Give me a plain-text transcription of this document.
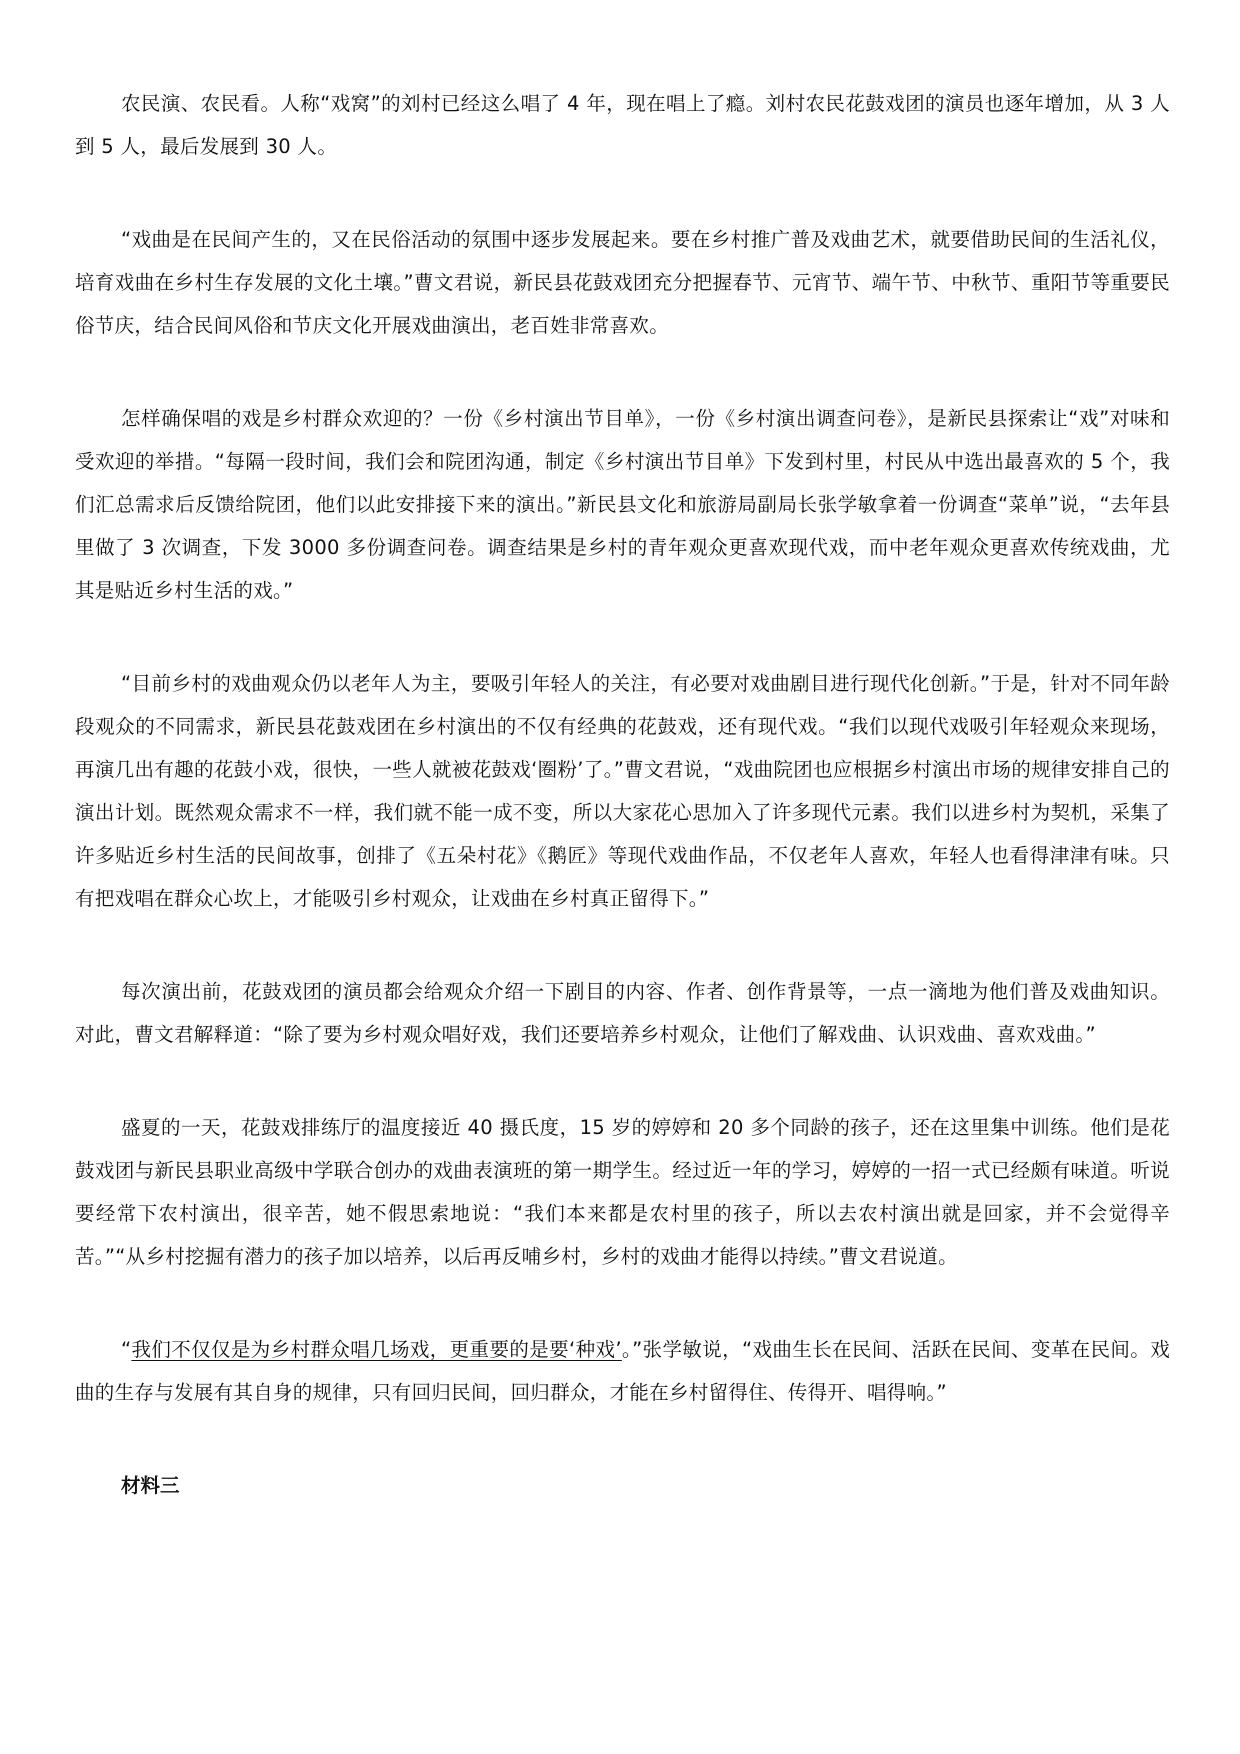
农民演、农民看。人称“戏窝”的刘村已经这么唱了 4 年，现在唱上了瘾。刘村农民花鼓戏团的演员也逐年增加，从 3 人到 5 人，最后发展到 30 人。

“戏曲是在民间产生的，又在民俗活动的氛围中逐步发展起来。要在乡村推广普及戏曲艺术，就要借助民间的生活礼仪，培育戏曲在乡村生存发展的文化土壤。”曹文君说，新民县花鼓戏团充分把握春节、元宵节、端午节、中秋节、重阳节等重要民俗节庆，结合民间风俗和节庆文化开展戏曲演出，老百姓非常喜欢。

怎样确保唱的戏是乡村群众欢迎的？一份《乡村演出节目单》，一份《乡村演出调查问卷》，是新民县探索让“戏”对味和受欢迎的举措。“每隔一段时间，我们会和院团沟通，制定《乡村演出节目单》下发到村里，村民从中选出最喜欢的 5 个，我们汇总需求后反馈给院团，他们以此安排接下来的演出。”新民县文化和旅游局副局长张学敏拿着一份调查“菜单”说，“去年县里做了 3 次调查，下发 3000 多份调查问卷。调查结果是乡村的青年观众更喜欢现代戏，而中老年观众更喜欢传统戏曲，尤其是贴近乡村生活的戏。”

“目前乡村的戏曲观众仍以老年人为主，要吸引年轻人的关注，有必要对戏曲剧目进行现代化创新。”于是，针对不同年龄段观众的不同需求，新民县花鼓戏团在乡村演出的不仅有经典的花鼓戏，还有现代戏。“我们以现代戏吸引年轻观众来现场，再演几出有趣的花鼓小戏，很快，一些人就被花鼓戏‘圈粉’了。”曹文君说，“戏曲院团也应根据乡村演出市场的规律安排自己的演出计划。既然观众需求不一样，我们就不能一成不变，所以大家花心思加入了许多现代元素。我们以进乡村为契机，采集了许多贴近乡村生活的民间故事，创排了《五朵村花》《鹅匠》等现代戏曲作品，不仅老年人喜欢，年轻人也看得津津有味。只有把戏唱在群众心坎上，才能吸引乡村观众，让戏曲在乡村真正留得下。”

每次演出前，花鼓戏团的演员都会给观众介绍一下剧目的内容、作者、创作背景等，一点一滴地为他们普及戏曲知识。对此，曹文君解释道：“除了要为乡村观众唱好戏，我们还要培养乡村观众，让他们了解戏曲、认识戏曲、喜欢戏曲。”

盛夏的一天，花鼓戏排练厅的温度接近 40 摄氏度，15 岁的婷婷和 20 多个同龄的孩子，还在这里集中训练。他们是花鼓戏团与新民县职业高级中学联合创办的戏曲表演班的第一期学生。经过近一年的学习，婷婷的一招一式已经颇有味道。听说要经常下农村演出，很辛苦，她不假思索地说：“我们本来都是农村里的孩子，所以去农村演出就是回家，并不会觉得辛苦。”“从乡村挖掘有潜力的孩子加以培养，以后再反哺乡村，乡村的戏曲才能得以持续。”曹文君说道。

“我们不仅仅是为乡村群众唱几场戏，更重要的是要‘种戏’。”张学敏说，“戏曲生长在民间、活跃在民间、变革在民间。戏曲的生存与发展有其自身的规律，只有回归民间，回归群众，才能在乡村留得住、传得开、唱得响。”

材料三
